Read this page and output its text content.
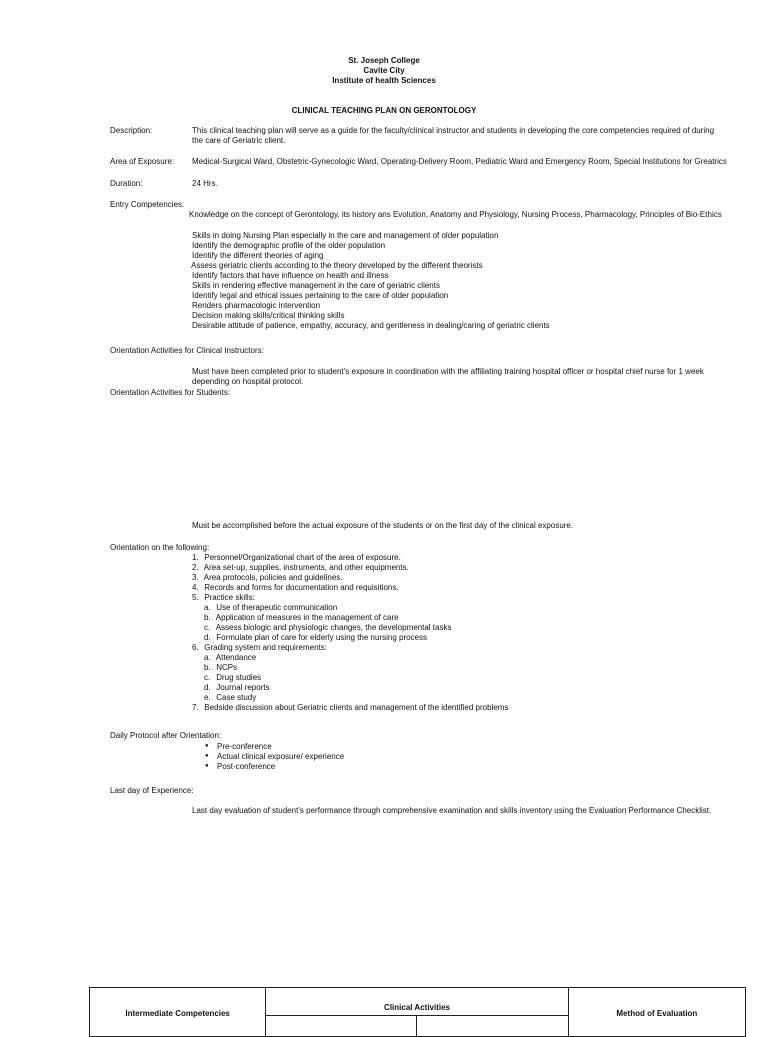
St. Joseph College
Cavite City
Institute of health Sciences
CLINICAL TEACHING PLAN ON GERONTOLOGY
Description:	This clinical teaching plan will serve as a guide for the faculty/clinical instructor and students in developing the core competencies required of during the care of Geriatric client.
Area of Exposure: Medical-Surgical Ward, Obstetric-Gynecologic Ward, Operating-Delivery Room, Pediatric Ward and Emergency Room, Special Institutions for Greatrics
Duration:	24 Hrs.
Entry Competencies:
Knowledge on the concept of Gerontology, its history ans Evolution, Anatomy and Physiology, Nursing Process, Pharmacology, Principles of Bio-Ethics
Skills in doing Nursing Plan especially in the care and management of older population
Identify the demographic profile of the older population
Identify the different theories of aging
Assess geriatric clients according to the theory developed by the different theorists
Identify factors that have influence on health and illness
Skills in rendering effective management in the care of geriatric clients
Identify legal and ethical issues pertaining to the care of older population
Renders pharmacologic intervention
Decision making skills/critical thinking skills
Desirable attitude of patience, empathy, accuracy, and gentleness in dealing/caring of geriatric clients
Orientation Activities for Clinical Instructors:
Must have been completed prior to student’s exposure in coordination with the affiliating training hospital officer or hospital chief nurse for 1 week depending on hospital protocol.
Orientation Activities for Students:
Must be accomplished before the actual exposure of the students or on the first day of the clinical exposure.
Orientation on the following:
1. Personnel/Organizational chart of the area of exposure.
2. Area set-up, supplies, instruments, and other equipments.
3. Area protocols, policies and guidelines.
4. Records and forms for documentation and requisitions.
5. Practice skills:
a. Use of therapeutic communication
b. Application of measures in the management of care
c. Assess biologic and physiologic changes, the developmental tasks
d. Formulate plan of care for elderly using the nursing process
6. Grading system and requirements:
a. Attendance
b. NCPs
c. Drug studies
d. Journal reports
e. Case study
7. Bedside discussion about Geriatric clients and management of the identified problems
Daily Protocol after Orientation:
● Pre-conference
● Actual clinical exposure/ experience
● Post-conference
Last day of Experience:
Last day evaluation of student’s performance through comprehensive examination and skills inventory using the Evaluation Performance Checklist.
Intermediate Competencies	Clinical Activities		Method of Evaluation
